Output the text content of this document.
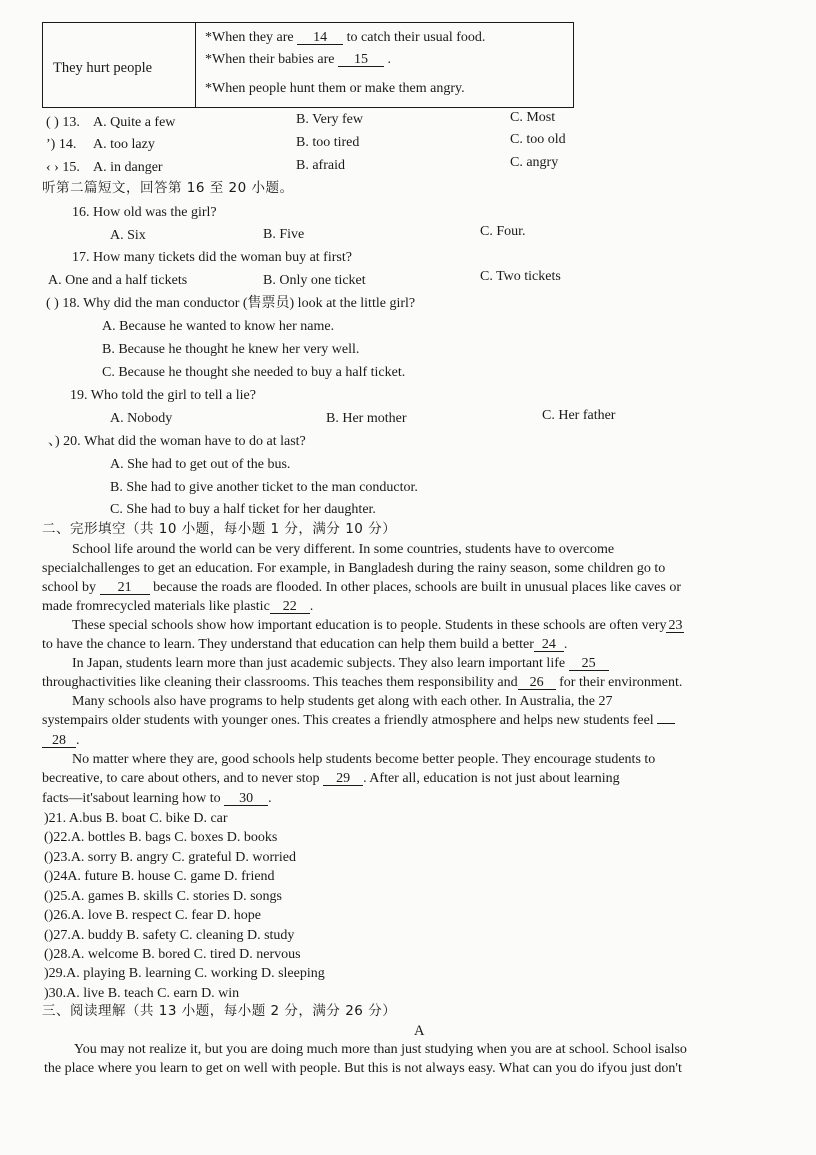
They hurt people
*When they are 14 to catch their usual food.
*When their babies are 15 .
*When people hunt them or make them angry.
( ) 13. A. Quite a few	B. Very few	C. Most
’) 14. A. too lazy	B. too tired	C. too old
‹ › 15. A. in danger	B. afraid	C. angry
听第二篇短文，回答第 16 至 20 小题。
16. How old was the girl?
A. Six	B. Five	C. Four.
17. How many tickets did the woman buy at first?
A. One and a half tickets	B. Only one ticket	C. Two tickets
( ) 18. Why did the man conductor (售票员) look at the little girl?
A. Because he wanted to know her name.
B. Because he thought he knew her very well.
C. Because he thought she needed to buy a half ticket.
19. Who told the girl to tell a lie?
A. Nobody	B. Her mother	C. Her father
、) 20. What did the woman have to do at last?
A. She had to get out of the bus.
B. She had to give another ticket to the man conductor.
C. She had to buy a half ticket for her daughter.
二、完形填空（共 10 小题，每小题 1 分，满分 10 分）
School life around the world can be very different. In some countries, students have to overcome
specialchallenges to get an education. For example, in Bangladesh during the rainy season, some children go to
school by 21 because the roads are flooded. In other places, schools are built in unusual places like caves or
made fromrecycled materials like plastic 22 .
These special schools show how important education is to people. Students in these schools are often very 23
to have the chance to learn. They understand that education can help them build a better 24 .
In Japan, students learn more than just academic subjects. They also learn important life 25
throughactivities like cleaning their classrooms. This teaches them responsibility and 26 for their environment.
Many schools also have programs to help students get along with each other. In Australia, the 27
systempairs older students with younger ones. This creates a friendly atmosphere and helps new students feel
28 .
No matter where they are, good schools help students become better people. They encourage students to
becreative, to care about others, and to never stop 29 . After all, education is not just about learning
facts—it'sabout learning how to 30 .
)21. A.bus B. boat C. bike D. car
()22.A. bottles B. bags C. boxes D. books
()23.A. sorry B. angry C. grateful D. worried
()24A. future B. house C. game D. friend
()25.A. games B. skills C. stories D. songs
()26.A. love B. respect C. fear D. hope
()27.A. buddy B. safety C. cleaning D. study
()28.A. welcome B. bored C. tired D. nervous
)29.A. playing B. learning C. working D. sleeping
)30.A. live B. teach C. earn D. win
三、阅读理解（共 13 小题，每小题 2 分，满分 26 分）
A
You may not realize it, but you are doing much more than just studying when you are at school. School isalso
the place where you learn to get on well with people. But this is not always easy. What can you do ifyou just don't
